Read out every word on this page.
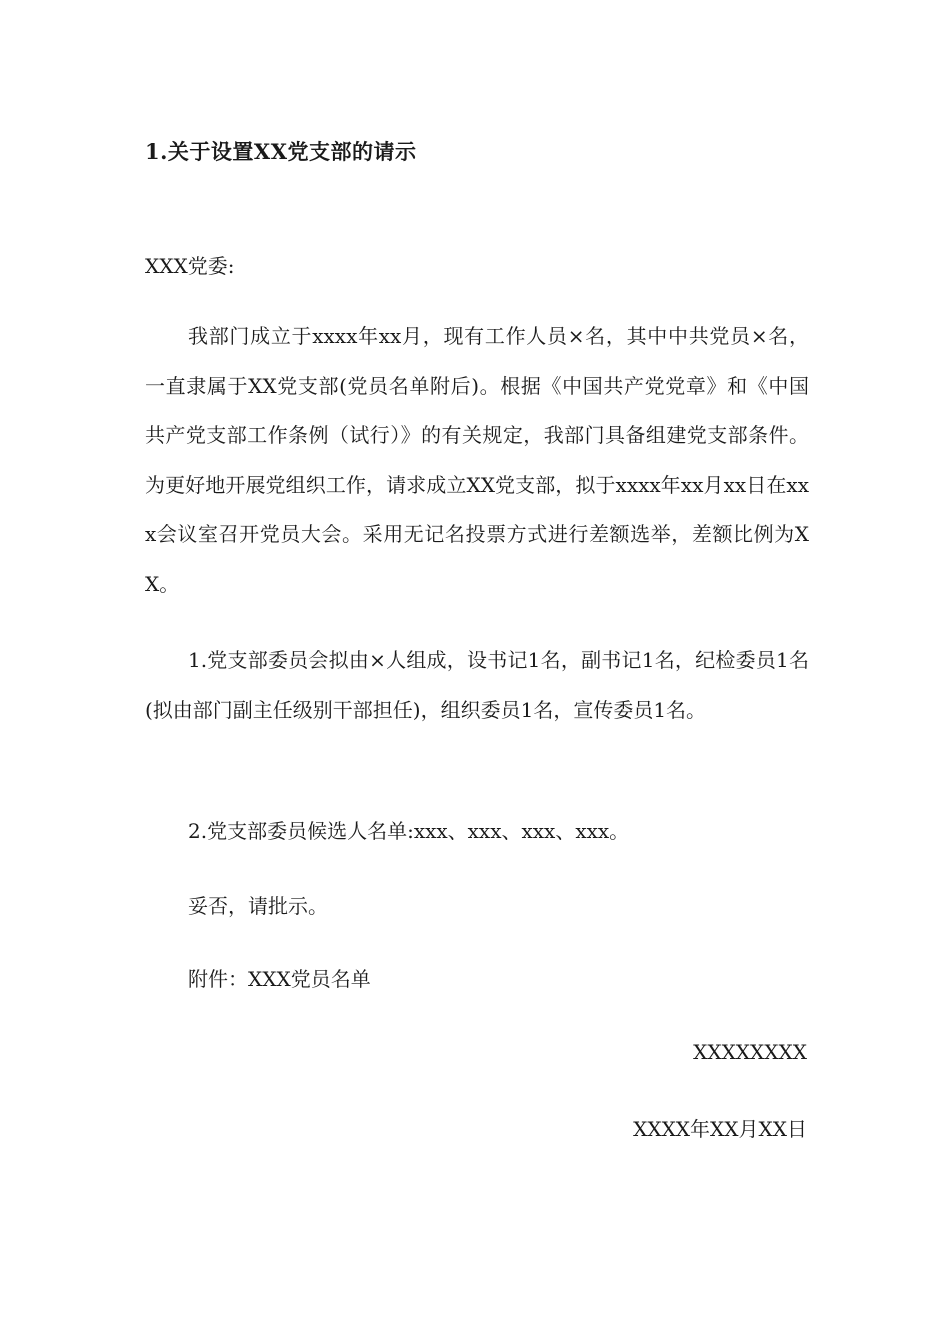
1.关于设置XX党支部的请示
XXX党委:

我部门成立于xxxx年xx月，现有工作人员×名，其中中共党员×名，一直隶属于XX党支部(党员名单附后)。根据《中国共产党党章》和《中国共产党支部工作条例（试行）》的有关规定，我部门具备组建党支部条件。为更好地开展党组织工作，请求成立XX党支部，拟于xxxx年xx月xx日在xxx会议室召开党员大会。采用无记名投票方式进行差额选举，差额比例为XX。

1.党支部委员会拟由×人组成，设书记1名，副书记1名，纪检委员1名(拟由部门副主任级别干部担任)，组织委员1名，宣传委员1名。

2.党支部委员候选人名单:xxx、xxx、xxx、xxx。

妥否，请批示。

附件：XXX党员名单

XXXXXXXX
XXXX年XX月XX日
